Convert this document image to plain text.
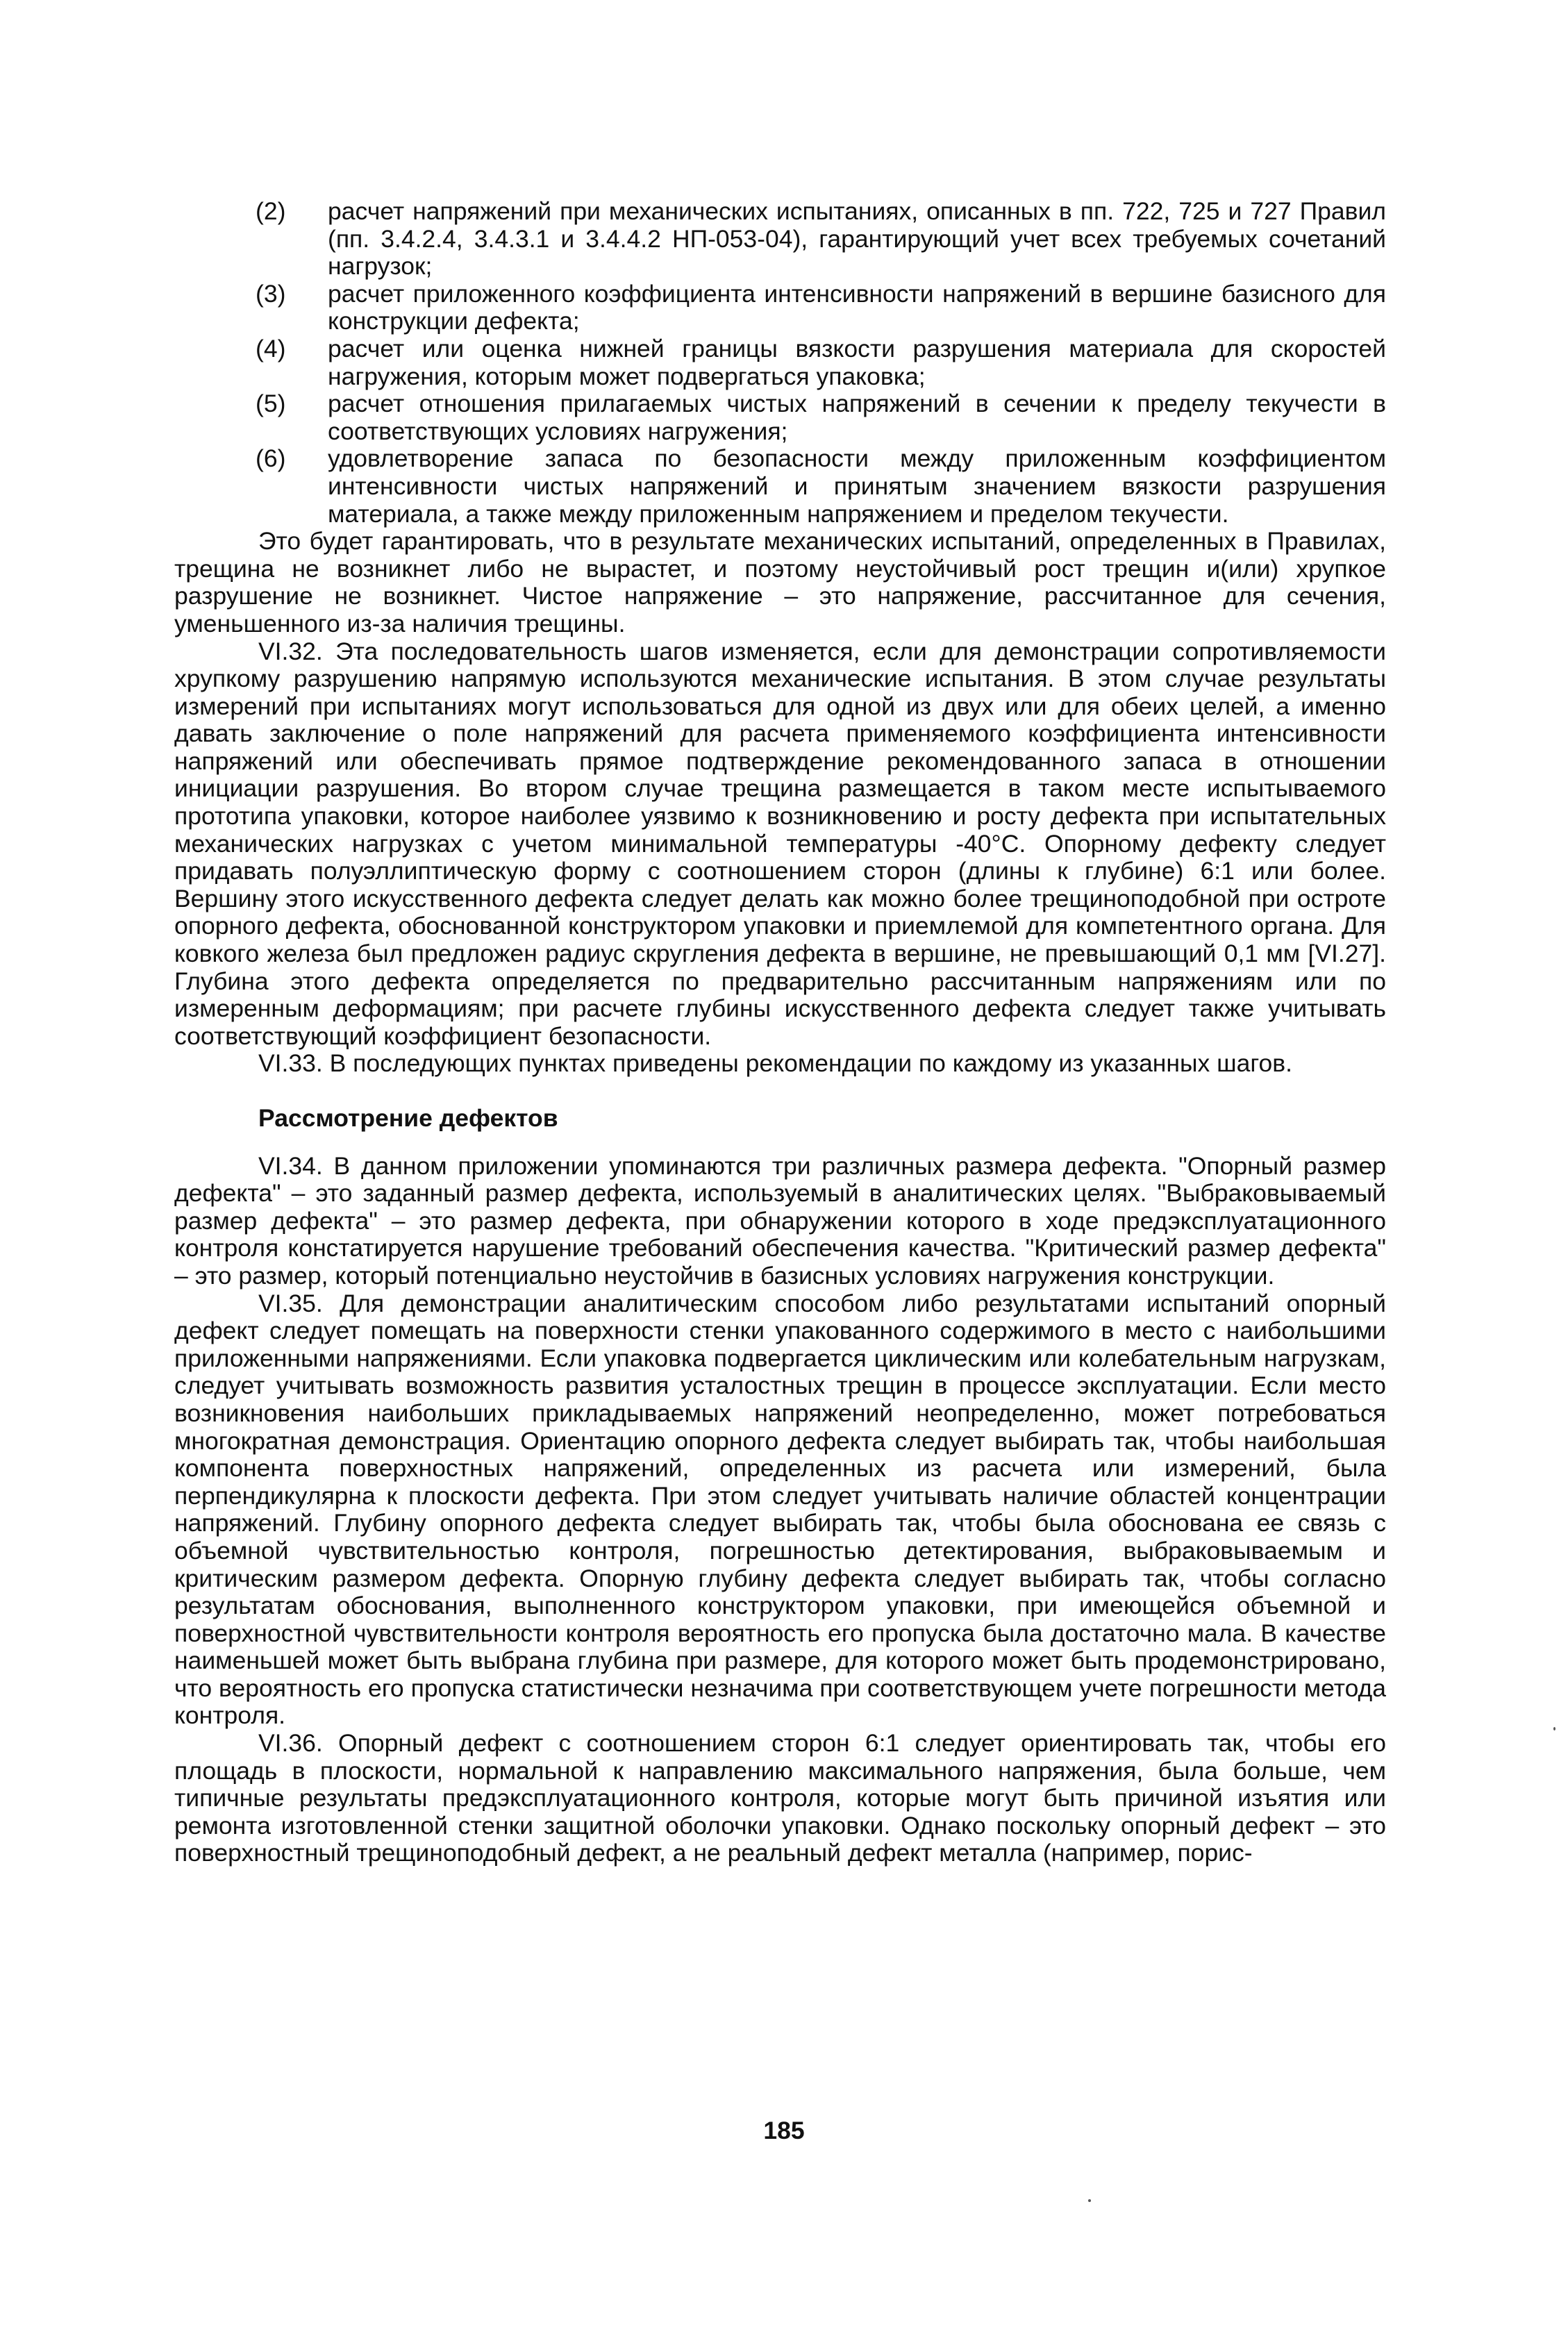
(2) расчет напряжений при механических испытаниях, описанных в пп. 722, 725 и 727 Правил (пп. 3.4.2.4, 3.4.3.1 и 3.4.4.2 НП-053-04), гарантирующий учет всех требуемых сочетаний нагрузок;
(3) расчет приложенного коэффициента интенсивности напряжений в вершине базисного для конструкции дефекта;
(4) расчет или оценка нижней границы вязкости разрушения материала для скоростей нагружения, которым может подвергаться упаковка;
(5) расчет отношения прилагаемых чистых напряжений в сечении к пределу текучести в соответствующих условиях нагружения;
(6) удовлетворение запаса по безопасности между приложенным коэффициентом интенсивности чистых напряжений и принятым значением вязкости разрушения материала, а также между приложенным напряжением и пределом текучести.

Это будет гарантировать, что в результате механических испытаний, определенных в Правилах, трещина не возникнет либо не вырастет, и поэтому неустойчивый рост трещин и(или) хрупкое разрушение не возникнет. Чистое напряжение – это напряжение, рассчитанное для сечения, уменьшенного из-за наличия трещины.

VI.32. Эта последовательность шагов изменяется, если для демонстрации сопротивляемости хрупкому разрушению напрямую используются механические испытания. В этом случае результаты измерений при испытаниях могут использоваться для одной из двух или для обеих целей, а именно давать заключение о поле напряжений для расчета применяемого коэффициента интенсивности напряжений или обеспечивать прямое подтверждение рекомендованного запаса в отношении инициации разрушения. Во втором случае трещина размещается в таком месте испытываемого прототипа упаковки, которое наиболее уязвимо к возникновению и росту дефекта при испытательных механических нагрузках с учетом минимальной температуры -40°С. Опорному дефекту следует придавать полуэллиптическую форму с соотношением сторон (длины к глубине) 6:1 или более. Вершину этого искусственного дефекта следует делать как можно более трещиноподобной при остроте опорного дефекта, обоснованной конструктором упаковки и приемлемой для компетентного органа. Для ковкого железа был предложен радиус скругления дефекта в вершине, не превышающий 0,1 мм [VI.27]. Глубина этого дефекта определяется по предварительно рассчитанным напряжениям или по измеренным деформациям; при расчете глубины искусственного дефекта следует также учитывать соответствующий коэффициент безопасности.

VI.33. В последующих пунктах приведены рекомендации по каждому из указанных шагов.

Рассмотрение дефектов

VI.34. В данном приложении упоминаются три различных размера дефекта. "Опорный размер дефекта" – это заданный размер дефекта, используемый в аналитических целях. "Выбраковываемый размер дефекта" – это размер дефекта, при обнаружении которого в ходе предэксплуатационного контроля констатируется нарушение требований обеспечения качества. "Критический размер дефекта" – это размер, который потенциально неустойчив в базисных условиях нагружения конструкции.

VI.35. Для демонстрации аналитическим способом либо результатами испытаний опорный дефект следует помещать на поверхности стенки упакованного содержимого в место с наибольшими приложенными напряжениями. Если упаковка подвергается циклическим или колебательным нагрузкам, следует учитывать возможность развития усталостных трещин в процессе эксплуатации. Если место возникновения наибольших прикладываемых напряжений неопределенно, может потребоваться многократная демонстрация. Ориентацию опорного дефекта следует выбирать так, чтобы наибольшая компонента поверхностных напряжений, определенных из расчета или измерений, была перпендикулярна к плоскости дефекта. При этом следует учитывать наличие областей концентрации напряжений. Глубину опорного дефекта следует выбирать так, чтобы была обоснована ее связь с объемной чувствительностью контроля, погрешностью детектирования, выбраковываемым и критическим размером дефекта. Опорную глубину дефекта следует выбирать так, чтобы согласно результатам обоснования, выполненного конструктором упаковки, при имеющейся объемной и поверхностной чувствительности контроля вероятность его пропуска была достаточно мала. В качестве наименьшей может быть выбрана глубина при размере, для которого может быть продемонстрировано, что вероятность его пропуска статистически незначима при соответствующем учете погрешности метода контроля.

VI.36. Опорный дефект с соотношением сторон 6:1 следует ориентировать так, чтобы его площадь в плоскости, нормальной к направлению максимального напряжения, была больше, чем типичные результаты предэксплуатационного контроля, которые могут быть причиной изъятия или ремонта изготовленной стенки защитной оболочки упаковки. Однако поскольку опорный дефект – это поверхностный трещиноподобный дефект, а не реальный дефект металла (например, порис-

185
